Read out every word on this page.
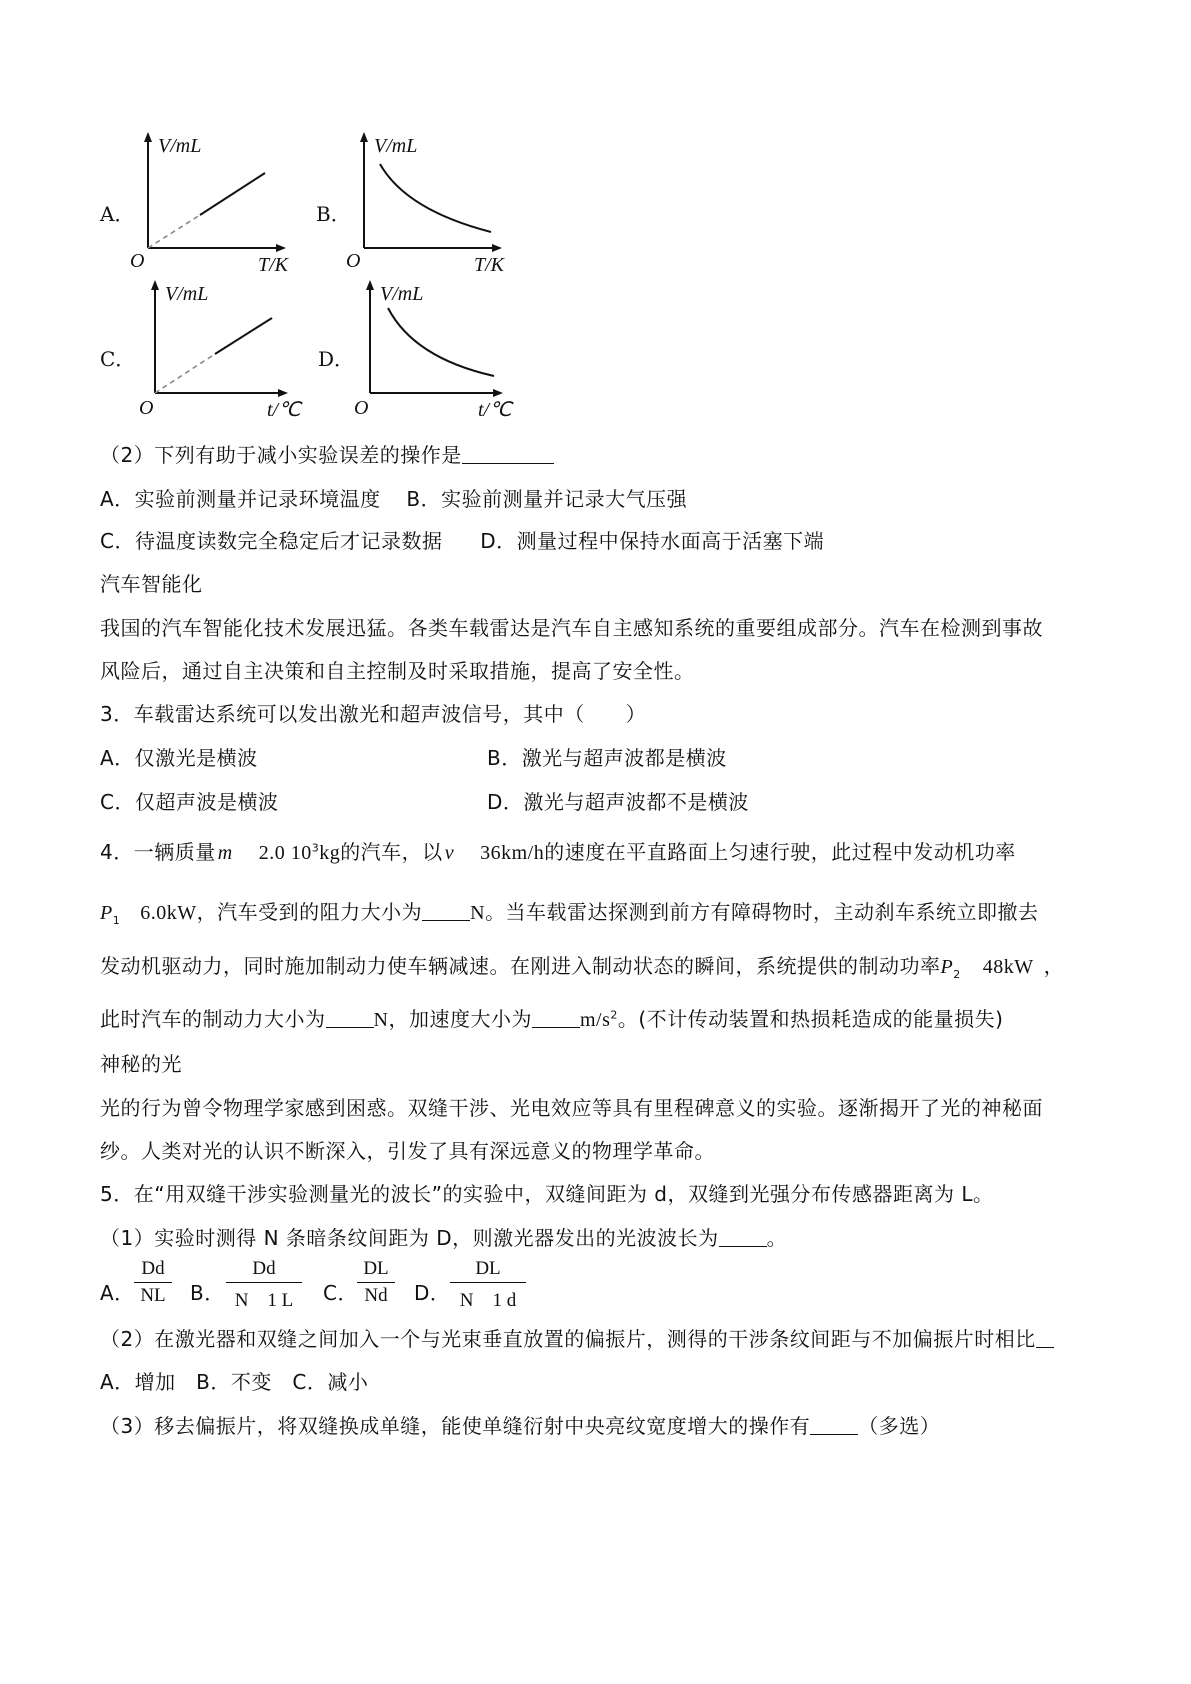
A．
V/mL
O	T/K
B．
V/mL
O	T/K
C．
V/mL
O	t/℃
D．
V/mL
O	t/℃
（2）下列有助于减小实验误差的操作是
A．实验前测量并记录环境温度 B．实验前测量并记录大气压强
C．待温度读数完全稳定后才记录数据 D．测量过程中保持水面高于活塞下端
汽车智能化
我国的汽车智能化技术发展迅猛。各类车载雷达是汽车自主感知系统的重要组成部分。汽车在检测到事故
风险后，通过自主决策和自主控制及时采取措施，提高了安全性。
3．车载雷达系统可以发出激光和超声波信号，其中（　　）
A．仅激光是横波	B．激光与超声波都是横波
C．仅超声波是横波	D．激光与超声波都不是横波
4．一辆质量 m 2.0 $10^3kg$的汽车，以 v 36km/h的速度在平直路面上匀速行驶，此过程中发动机功率
$P_1$ 6.0kW，汽车受到的阻力大小为 N。当车载雷达探测到前方有障碍物时，主动刹车系统立即撤去
发动机驱动力，同时施加制动力使车辆减速。在刚进入制动状态的瞬间，系统提供的制动功率$P_2$ 48kW ，
此时汽车的制动力大小为 N，加速度大小为 $m/s^2$。(不计传动装置和热损耗造成的能量损失)
神秘的光
光的行为曾令物理学家感到困惑。双缝干涉、光电效应等具有里程碑意义的实验。逐渐揭开了光的神秘面
纱。人类对光的认识不断深入，引发了具有深远意义的物理学革命。
5．在“用双缝干涉实验测量光的波长”的实验中，双缝间距为 d，双缝到光强分布传感器距离为 L。
（1）实验时测得 N 条暗条纹间距为 D，则激光器发出的光波波长为 。
A． $\frac{Dd}{NL}$ B． $\frac{Dd}{N 1 L}$ C． $\frac{DL}{Nd}$ D． $\frac{DL}{N 1 d}$
（2）在激光器和双缝之间加入一个与光束垂直放置的偏振片，测得的干涉条纹间距与不加偏振片时相比
A．增加　B．不变　C．减小
（3）移去偏振片，将双缝换成单缝，能使单缝衍射中央亮纹宽度增大的操作有 （多选）
